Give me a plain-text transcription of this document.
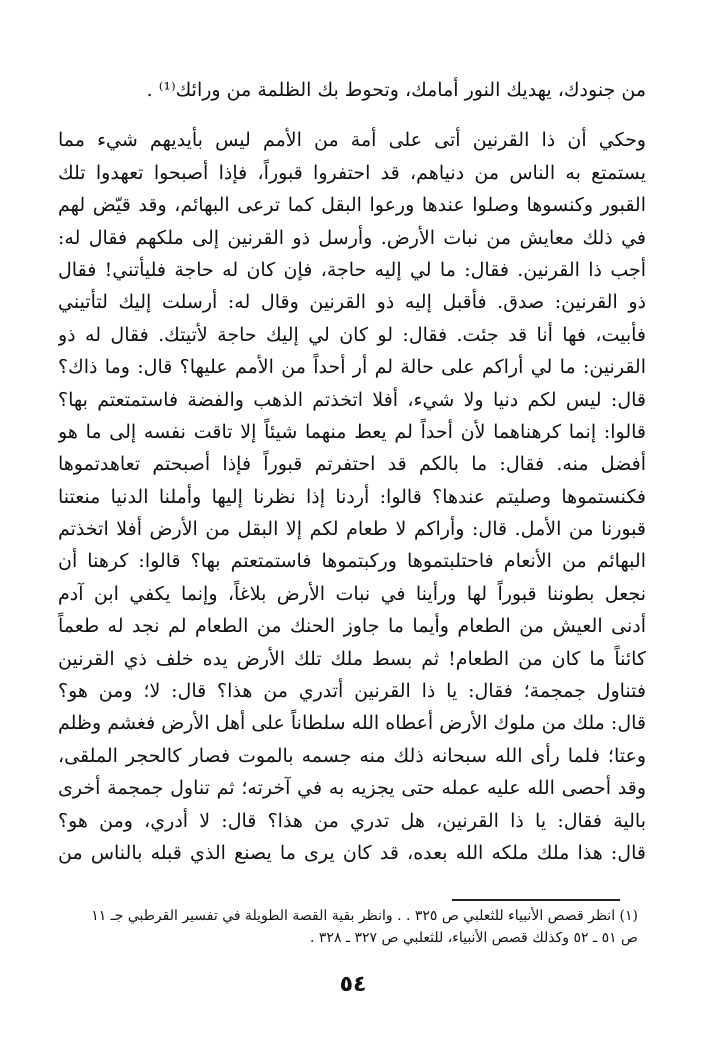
من جنودك، يهديك النور أمامك، وتحوط بك الظلمة من ورائك⁽¹⁾ .
وحكي أن ذا القرنين أتى على أمة من الأمم ليس بأيديهم شيء مما
يستمتع به الناس من دنياهم، قد احتفروا قبوراً، فإذا أصبحوا تعهدوا تلك
القبور وكنسوها وصلوا عندها ورعوا البقل كما ترعى البهائم، وقد قيّض لهم
في ذلك معايش من نبات الأرض. وأرسل ذو القرنين إلى ملكهم فقال له:
أجب ذا القرنين. فقال: ما لي إليه حاجة، فإن كان له حاجة فليأتني! فقال
ذو القرنين: صدق. فأقبل إليه ذو القرنين وقال له: أرسلت إليك لتأتيني
فأبيت، فها أنا قد جئت. فقال: لو كان لي إليك حاجة لأتيتك. فقال له ذو
القرنين: ما لي أراكم على حالة لم أر أحداً من الأمم عليها؟ قال: وما ذاك؟
قال: ليس لكم دنيا ولا شيء، أفلا اتخذتم الذهب والفضة فاستمتعتم بها؟
قالوا: إنما كرهناهما لأن أحداً لم يعط منهما شيئاً إلا تاقت نفسه إلى ما هو
أفضل منه. فقال: ما بالكم قد احتفرتم قبوراً فإذا أصبحتم تعاهدتموها
فكنستموها وصليتم عندها؟ قالوا: أردنا إذا نظرنا إليها وأملنا الدنيا منعتنا
قبورنا من الأمل. قال: وأراكم لا طعام لكم إلا البقل من الأرض أفلا اتخذتم
البهائم من الأنعام فاحتلبتموها وركبتموها فاستمتعتم بها؟ قالوا: كرهنا أن
نجعل بطوننا قبوراً لها ورأينا في نبات الأرض بلاغاً، وإنما يكفي ابن آدم
أدنى العيش من الطعام وأيما ما جاوز الحنك من الطعام لم نجد له طعماً
كائناً ما كان من الطعام! ثم بسط ملك تلك الأرض يده خلف ذي القرنين
فتناول جمجمة؛ فقال: يا ذا القرنين أتدري من هذا؟ قال: لا؛ ومن هو؟
قال: ملك من ملوك الأرض أعطاه الله سلطاناً على أهل الأرض فغشم وظلم
وعتا؛ فلما رأى الله سبحانه ذلك منه جسمه بالموت فصار كالحجر الملقى،
وقد أحصى الله عليه عمله حتى يجزيه به في آخرته؛ ثم تناول جمجمة أخرى
بالية فقال: يا ذا القرنين، هل تدري من هذا؟ قال: لا أدري، ومن هو؟
قال: هذا ملك ملكه الله بعده، قد كان يرى ما يصنع الذي قبله بالناس من
(١) انظر قصص الأنبياء للثعلبي ص ٣٢٥ . . وانظر بقية القصة الطويلة في تفسير القرطبي جـ ١١
ص ٥١ ـ ٥٢ وكذلك قصص الأنبياء، للثعلبي ص ٣٢٧ ـ ٣٢٨ .
٥٤
